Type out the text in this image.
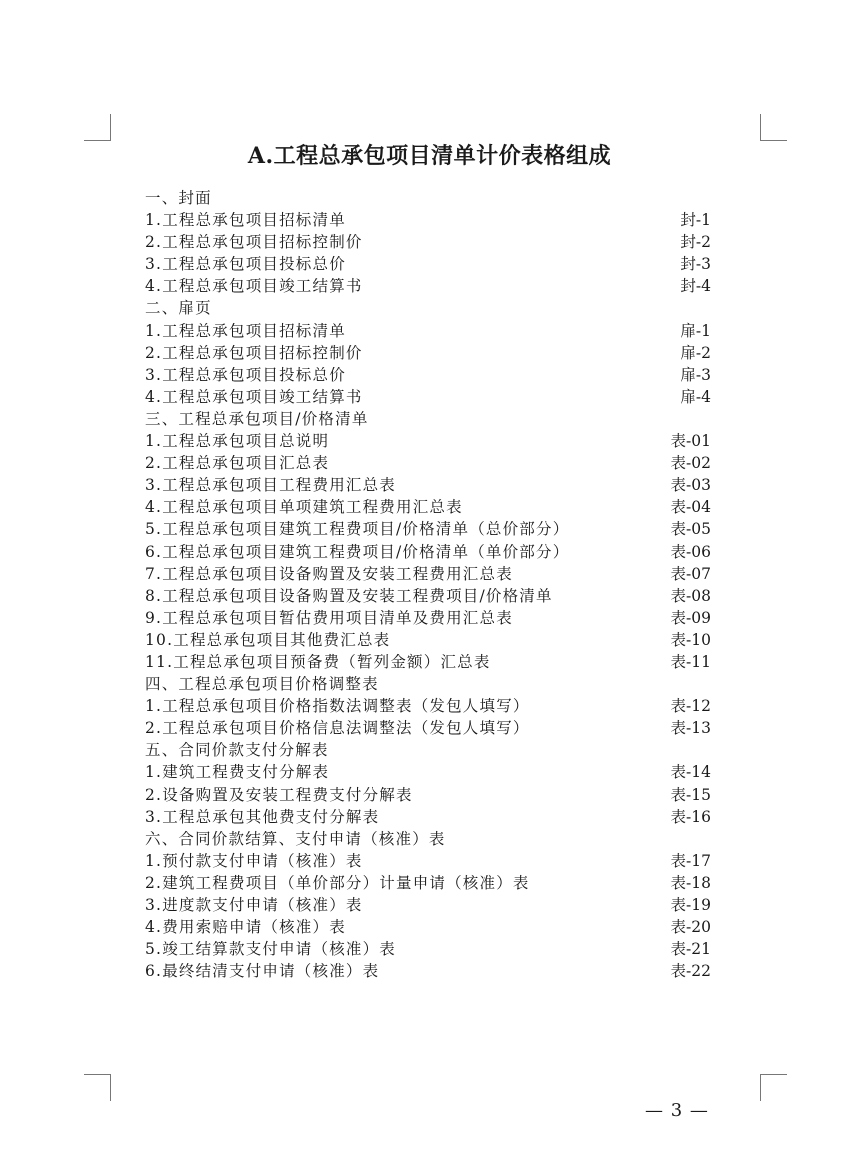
A.工程总承包项目清单计价表格组成
一、封面
1.工程总承包项目招标清单	封-1
2.工程总承包项目招标控制价	封-2
3.工程总承包项目投标总价	封-3
4.工程总承包项目竣工结算书	封-4
二、扉页
1.工程总承包项目招标清单	扉-1
2.工程总承包项目招标控制价	扉-2
3.工程总承包项目投标总价	扉-3
4.工程总承包项目竣工结算书	扉-4
三、工程总承包项目/价格清单
1.工程总承包项目总说明	表-01
2.工程总承包项目汇总表	表-02
3.工程总承包项目工程费用汇总表	表-03
4.工程总承包项目单项建筑工程费用汇总表	表-04
5.工程总承包项目建筑工程费项目/价格清单（总价部分）	表-05
6.工程总承包项目建筑工程费项目/价格清单（单价部分）	表-06
7.工程总承包项目设备购置及安装工程费用汇总表	表-07
8.工程总承包项目设备购置及安装工程费项目/价格清单	表-08
9.工程总承包项目暂估费用项目清单及费用汇总表	表-09
10.工程总承包项目其他费汇总表	表-10
11.工程总承包项目预备费（暂列金额）汇总表	表-11
四、工程总承包项目价格调整表
1.工程总承包项目价格指数法调整表（发包人填写）	表-12
2.工程总承包项目价格信息法调整法（发包人填写）	表-13
五、合同价款支付分解表
1.建筑工程费支付分解表	表-14
2.设备购置及安装工程费支付分解表	表-15
3.工程总承包其他费支付分解表	表-16
六、合同价款结算、支付申请（核准）表
1.预付款支付申请（核准）表	表-17
2.建筑工程费项目（单价部分）计量申请（核准）表	表-18
3.进度款支付申请（核准）表	表-19
4.费用索赔申请（核准）表	表-20
5.竣工结算款支付申请（核准）表	表-21
6.最终结清支付申请（核准）表	表-22
— 3 —
